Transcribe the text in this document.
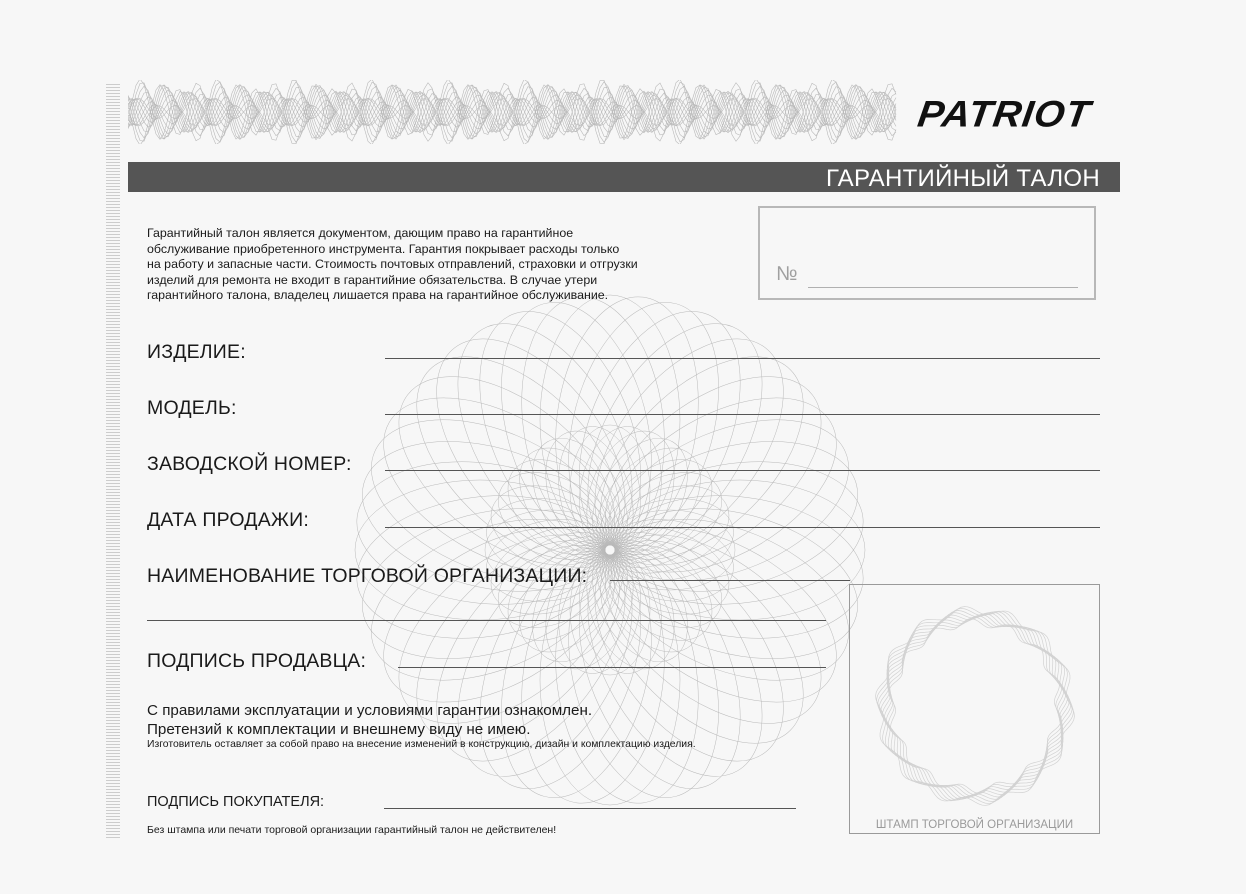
PATRIOT
ГАРАНТИЙНЫЙ ТАЛОН
Гарантийный талон является документом, дающим право на гарантийное
обслуживание приобретенного инструмента. Гарантия покрывает расходы только
на работу и запасные части. Стоимость почтовых отправлений, страховки и отгрузки
изделий для ремонта не входит в гарантийние обязательства. В случае утери
гарантийного талона, владелец лишается права на гарантийное обслуживание.
№
ИЗДЕЛИЕ:
МОДЕЛЬ:
ЗАВОДСКОЙ НОМЕР:
ДАТА ПРОДАЖИ:
НАИМЕНОВАНИЕ ТОРГОВОЙ ОРГАНИЗАЦИИ:
ПОДПИСЬ ПРОДАВЦА:
С правилами эксплуатации и условиями гарантии ознакомлен.
Претензий к комплектации и внешнему виду не имею.
Изготовитель оставляет за собой право на внесение изменений в конструкцию, дизайн и комплектацию изделия.
ПОДПИСЬ ПОКУПАТЕЛЯ:
Без штампа или печати торговой организации гарантийный талон не действителен!	ШТАМП ТОРГОВОЙ ОРГАНИЗАЦИИ
